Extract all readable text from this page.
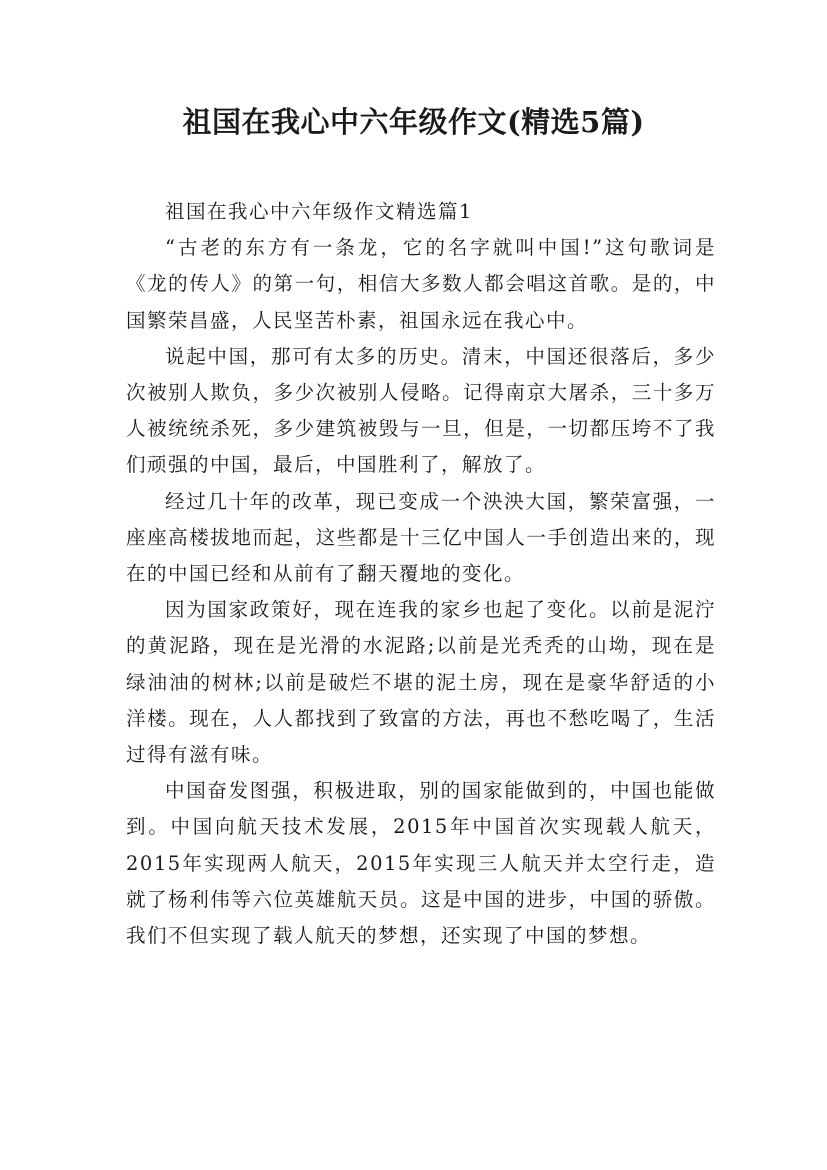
祖国在我心中六年级作文(精选5篇)

祖国在我心中六年级作文精选篇1

“古老的东方有一条龙，它的名字就叫中国!”这句歌词是《龙的传人》的第一句，相信大多数人都会唱这首歌。是的，中国繁荣昌盛，人民坚苦朴素，祖国永远在我心中。

说起中国，那可有太多的历史。清末，中国还很落后，多少次被别人欺负，多少次被别人侵略。记得南京大屠杀，三十多万人被统统杀死，多少建筑被毁与一旦，但是，一切都压垮不了我们顽强的中国，最后，中国胜利了，解放了。

经过几十年的改革，现已变成一个泱泱大国，繁荣富强，一座座高楼拔地而起，这些都是十三亿中国人一手创造出来的，现在的中国已经和从前有了翻天覆地的变化。

因为国家政策好，现在连我的家乡也起了变化。以前是泥泞的黄泥路，现在是光滑的水泥路;以前是光秃秃的山坳，现在是绿油油的树林;以前是破烂不堪的泥土房，现在是豪华舒适的小洋楼。现在，人人都找到了致富的方法，再也不愁吃喝了，生活过得有滋有味。

中国奋发图强，积极进取，别的国家能做到的，中国也能做到。中国向航天技术发展，2015年中国首次实现载人航天，2015年实现两人航天，2015年实现三人航天并太空行走，造就了杨利伟等六位英雄航天员。这是中国的进步，中国的骄傲。我们不但实现了载人航天的梦想，还实现了中国的梦想。
